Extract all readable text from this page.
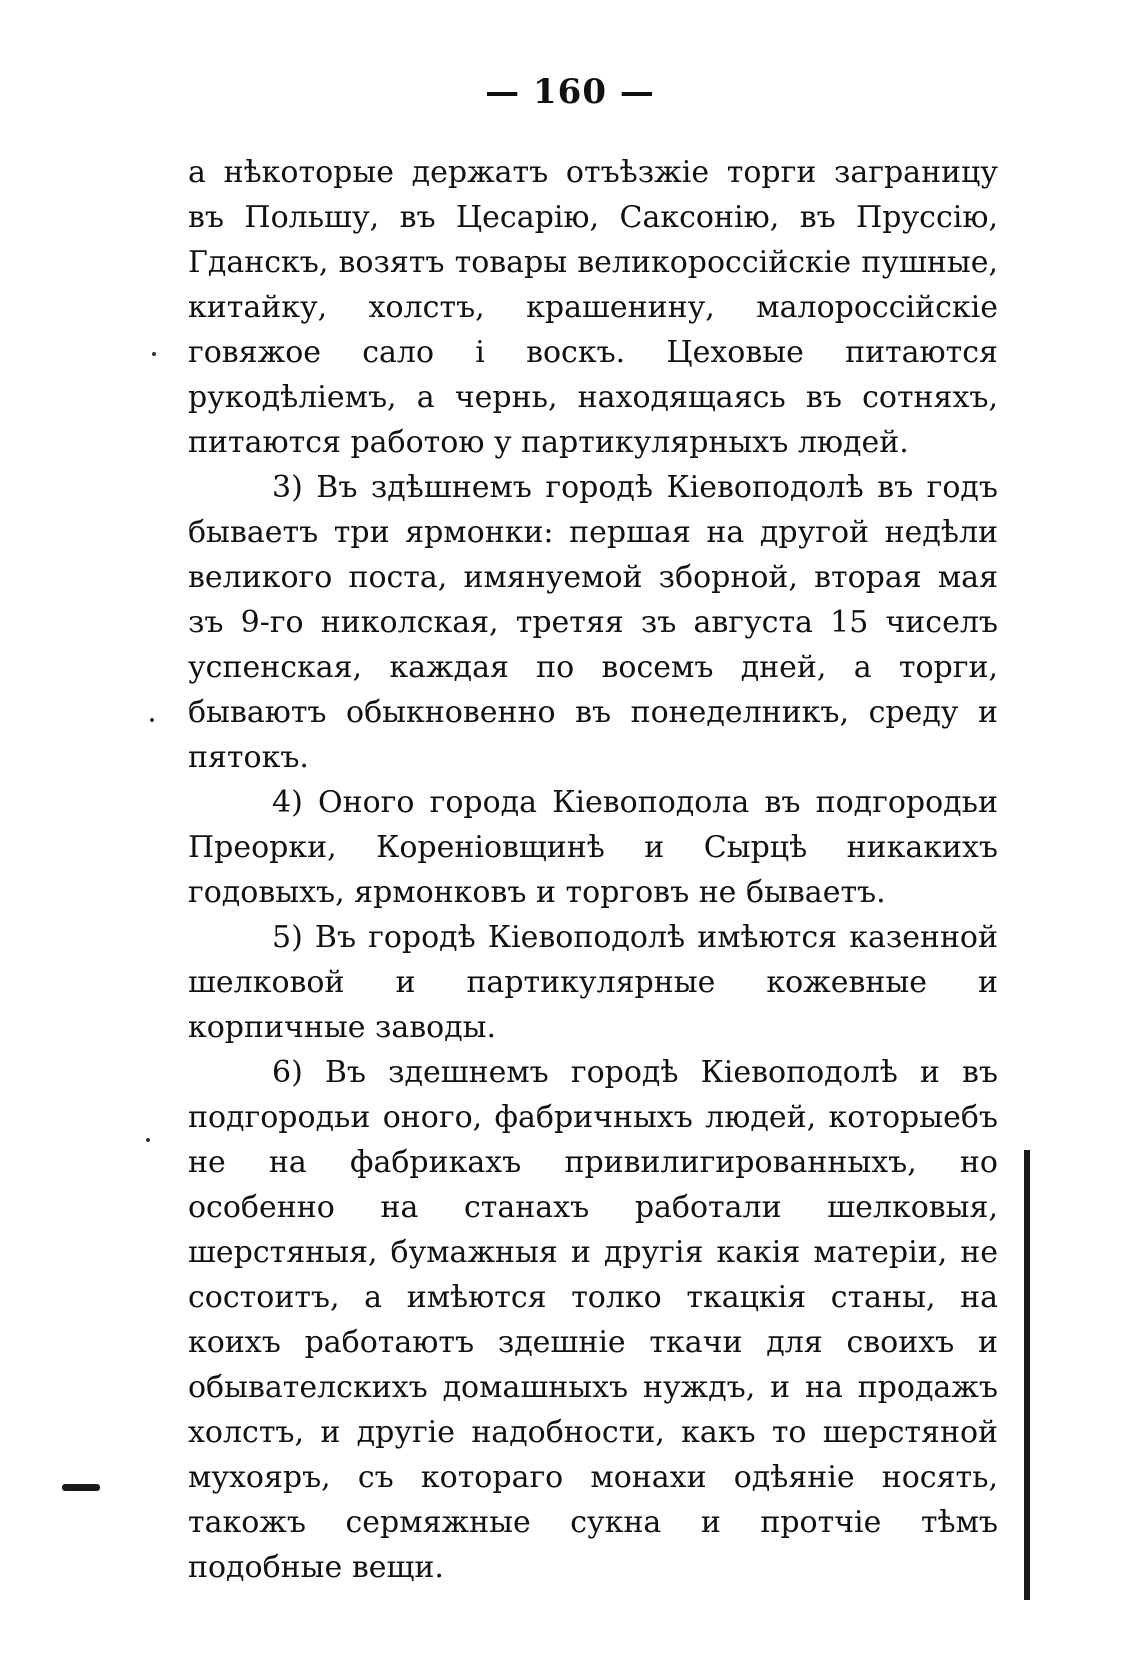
— 160 —

а нѣкоторые держатъ отъѣзжіе торги заграницу въ Польшу, въ Цесарію, Саксонію, въ Пруссію, Гданскъ, возятъ товары великороссійскіе пушные, китайку, холстъ, крашенину, малороссійскіе говяжое сало і воскъ. Цеховые питаются рукодѣліемъ, а чернь, находящаясь въ сотняхъ, питаются работою у партикулярныхъ людей.

3) Въ здѣшнемъ городѣ Кіевоподолѣ въ годъ бываетъ три ярмонки: першая на другой недѣли великого поста, имянуемой зборной, вторая мая зъ 9-го николская, третяя зъ августа 15 чиселъ успенская, каждая по восемъ дней, а торги, бываютъ обыкновенно въ понеделникъ, среду и пятокъ.

4) Оного города Кіевоподола въ подгородьи Преорки, Кореніовщинѣ и Сырцѣ никакихъ годовыхъ, ярмонковъ и торговъ не бываетъ.

5) Въ городѣ Кіевоподолѣ имѣются казенной шелковой и партикулярные кожевные и корпичные заводы.

6) Въ здешнемъ городѣ Кіевоподолѣ и въ подгородьи оного, фабричныхъ людей, которыебъ не на фабрикахъ привилигированныхъ, но особенно на станахъ работали шелковыя, шерстяныя, бумажныя и другія какія матеріи, не состоитъ, а имѣются толко ткацкія станы, на коихъ работаютъ здешніе ткачи для своихъ и обывателскихъ домашныхъ нуждъ, и на продажъ холстъ, и другіе надобности, какъ то шерстяной мухояръ, съ котораго монахи одѣяніе носять, такожъ сермяжные сукна и протчіе тѣмъ подобные вещи.
